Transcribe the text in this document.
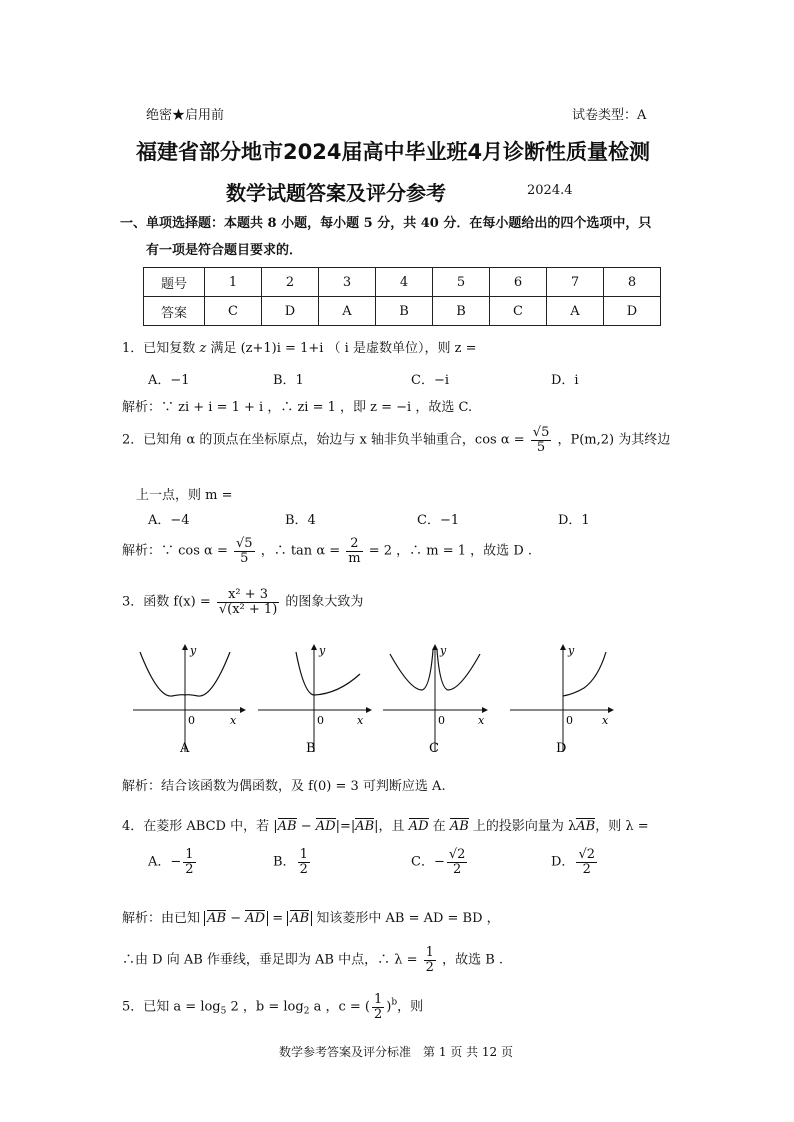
绝密★启用前	试卷类型：A
福建省部分地市2024届高中毕业班4月诊断性质量检测
数学试题答案及评分参考	2024.4
一、单项选择题：本题共 8 小题，每小题 5 分，共 40 分．在每小题给出的四个选项中，只
有一项是符合题目要求的．
题号	1	2	3	4	5	6	7	8
答案	C	D	A	B	B	C	A	D
1．已知复数 z 满足 (z+1)i = 1+i （ i 是虚数单位），则 z =
A．−1	B．1	C．−i	D．i
解析：∵ zi + i = 1 + i ，∴ zi = 1 ，即 z = −i ，故选 C.
2．已知角 α 的顶点在坐标原点，始边与 x 轴非负半轴重合，$\cos \alpha = \frac{√5}{5}$ ，P(m,2) 为其终边
上一点，则 m =
A．−4	B．4	C．−1	D．1
解析：∵ $\cos \alpha = \frac{√5}{5}$ ，∴ $\tan \alpha = \frac{2}{m} = 2$ ，∴ m = 1 ，故选 D .
3．函数 $f(x) = \frac{\text{x² + 3}}{\text{√(x² + 1)}}$ 的图象大致为
y
x
0
A
y
x
0
B
y
x
0
C
y
x
0
D
解析：结合该函数为偶函数，及 f(0) = 3 可判断应选 A.
4．在菱形 ABCD 中，若 |AB − AD|=|AB|，且 AD 在 AB 上的投影向量为 λAB，则 λ =
A．− $\frac{1}{2}$	B． $\frac{1}{2}$	C．− $\frac{√2}{2}$	D． $\frac{√2}{2}$
解析：由已知 AB − AD = AB 知该菱形中 AB = AD = BD ，
∴由 D 向 AB 作垂线，垂足即为 AB 中点，∴ $\lambda = \frac{1}{2}$ ，故选 B .
5．已知 $a = \log_5 2$ ，$b = \log_2 a$ ，c = ( $\frac{1}{2} )^b$，则
数学参考答案及评分标准　第 1 页 共 12 页
